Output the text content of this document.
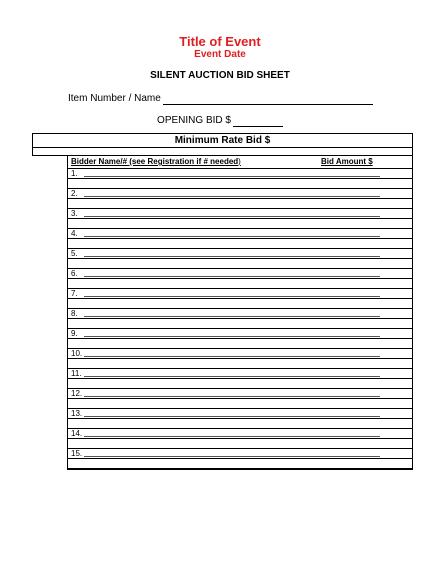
Title of Event
Event Date
SILENT AUCTION BID SHEET
Item Number / Name
OPENING BID $
Minimum Rate Bid $
Bidder Name/# (see Registration if # needed)	Bid Amount $
1.
2.
3.
4.
5.
6.
7.
8.
9.
10.
11.
12.
13.
14.
15.
